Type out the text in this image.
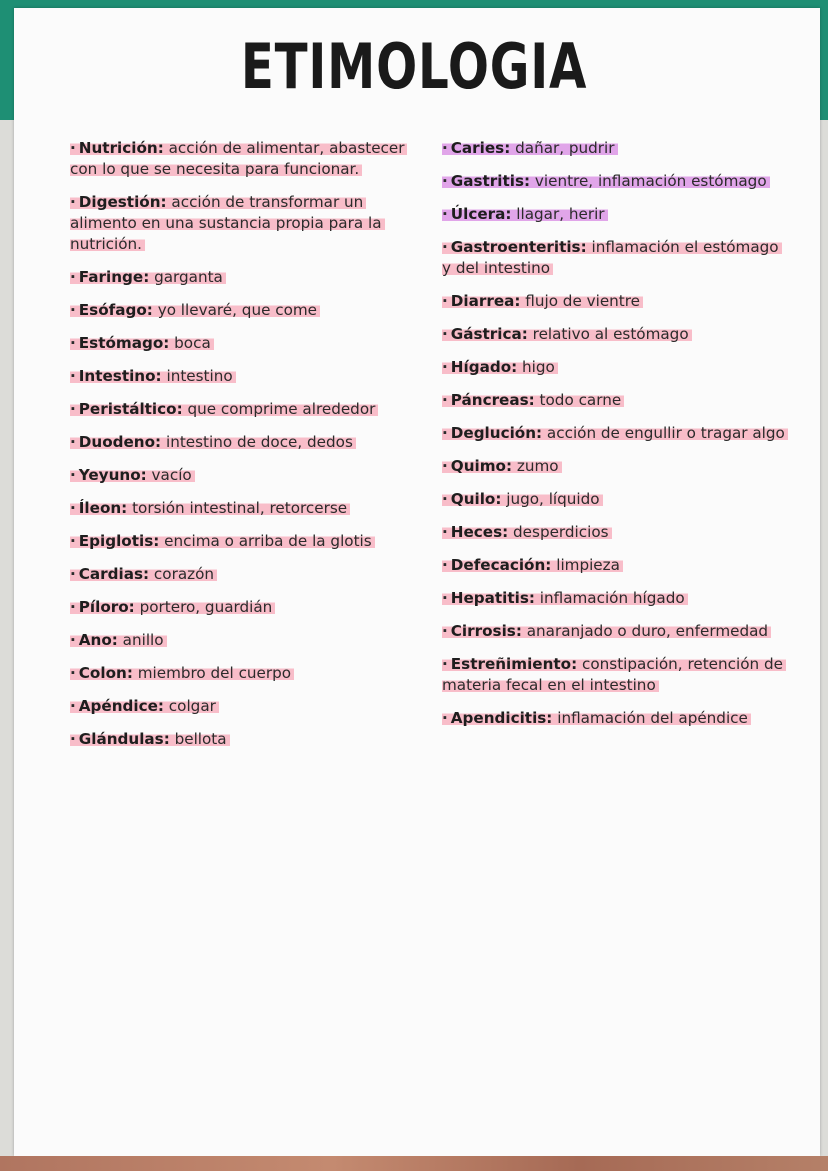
ETIMOLOGIA

· Nutrición: acción de alimentar, abastecer con lo que se necesita para funcionar.

· Digestión: acción de transformar un alimento en una sustancia propia para la nutrición.

· Faringe: garganta

· Esófago: yo llevaré, que come

· Estómago: boca

· Intestino: intestino

· Peristáltico: que comprime alrededor

· Duodeno: intestino de doce, dedos

· Yeyuno: vacío

· Íleon: torsión intestinal, retorcerse

· Epiglotis: encima o arriba de la glotis

· Cardias: corazón

· Píloro: portero, guardián

· Ano: anillo

· Colon: miembro del cuerpo

· Apéndice: colgar

· Glándulas: bellota

· Caries: dañar, pudrir

· Gastritis: vientre, inflamación estómago

· Úlcera: llagar, herir

· Gastroenteritis: inflamación el estómago y del intestino

· Diarrea: flujo de vientre

· Gástrica: relativo al estómago

· Hígado: higo

· Páncreas: todo carne

· Deglución: acción de engullir o tragar algo

· Quimo: zumo

· Quilo: jugo, líquido

· Heces: desperdicios

· Defecación: limpieza

· Hepatitis: inflamación hígado

· Cirrosis: anaranjado o duro, enfermedad

· Estreñimiento: constipación, retención de materia fecal en el intestino

· Apendicitis: inflamación del apéndice
